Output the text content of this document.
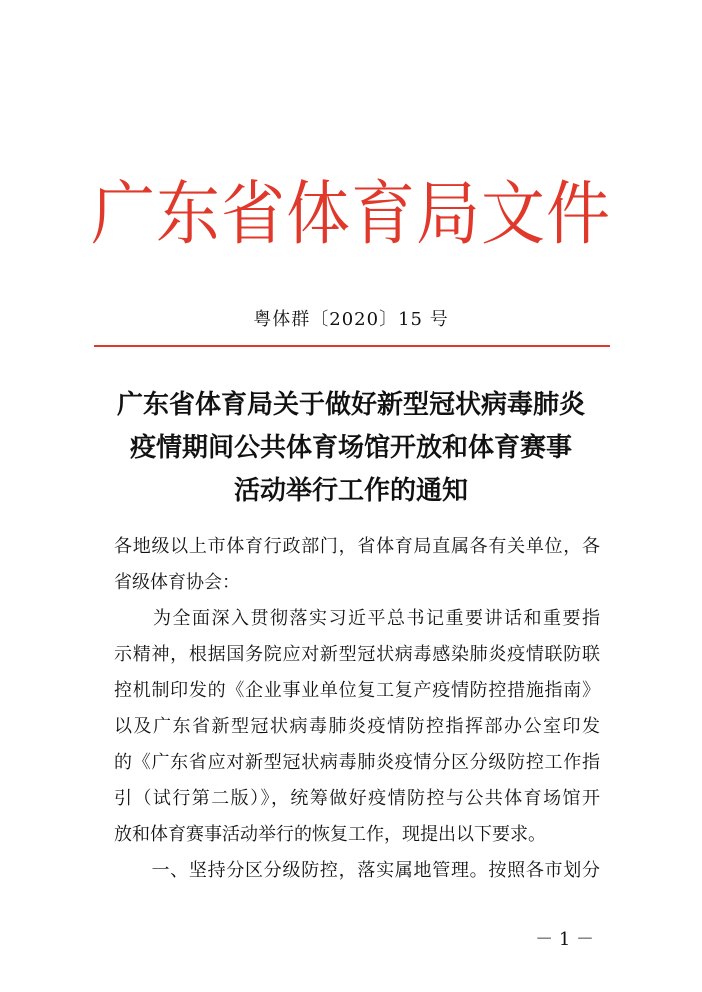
广东省体育局文件
粤体群〔2020〕15 号
广东省体育局关于做好新型冠状病毒肺炎
疫情期间公共体育场馆开放和体育赛事
活动举行工作的通知
各地级以上市体育行政部门，省体育局直属各有关单位，各
省级体育协会：
　　为全面深入贯彻落实习近平总书记重要讲话和重要指
示精神，根据国务院应对新型冠状病毒感染肺炎疫情联防联
控机制印发的《企业事业单位复工复产疫情防控措施指南》
以及广东省新型冠状病毒肺炎疫情防控指挥部办公室印发
的《广东省应对新型冠状病毒肺炎疫情分区分级防控工作指
引（试行第二版）》，统筹做好疫情防控与公共体育场馆开
放和体育赛事活动举行的恢复工作，现提出以下要求。
　　一、坚持分区分级防控，落实属地管理。按照各市划分
－ 1 －
